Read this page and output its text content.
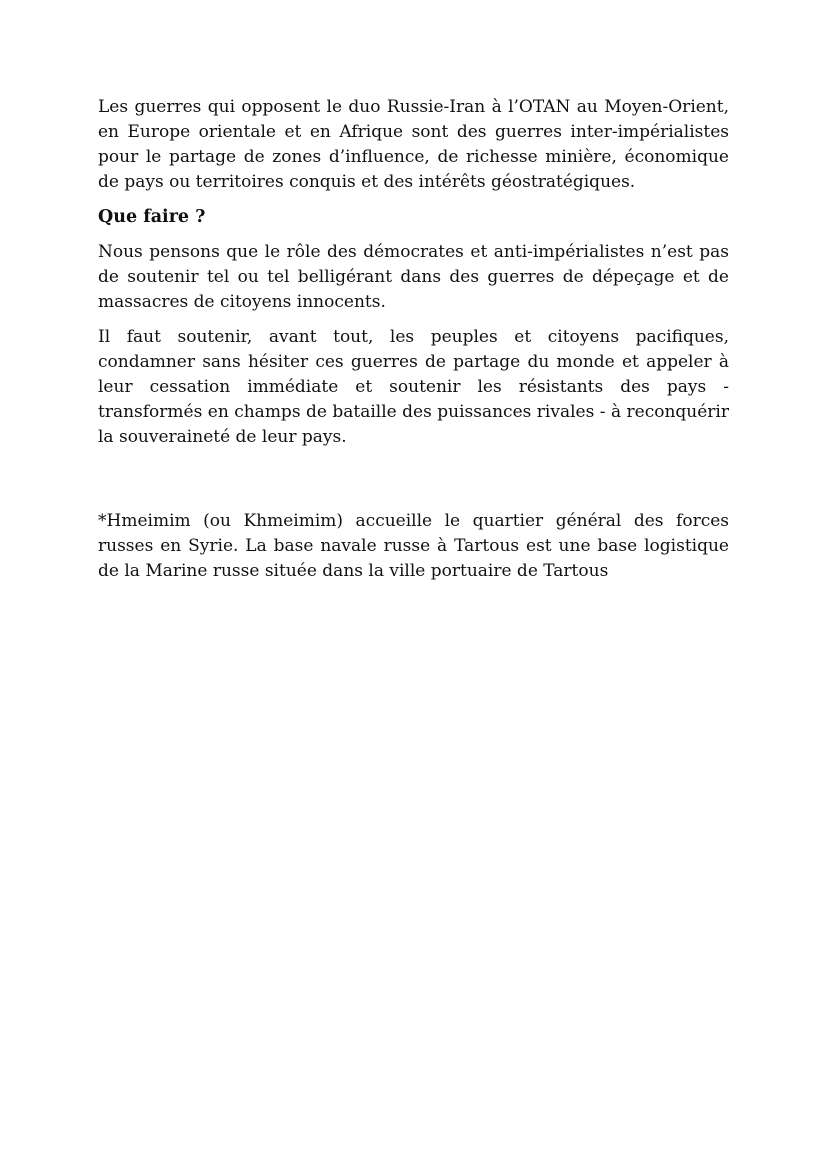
Les guerres qui opposent le duo Russie-Iran à l’OTAN au Moyen-Orient, en Europe orientale et en Afrique sont des guerres inter-impérialistes pour le partage de zones d’influence, de richesse minière, économique de pays ou territoires conquis et des intérêts géostratégiques.

Que faire ?

Nous pensons que le rôle des démocrates et anti-impérialistes n’est pas de soutenir tel ou tel belligérant dans des guerres de dépeçage et de massacres de citoyens innocents.

Il faut soutenir, avant tout, les peuples et citoyens pacifiques, condamner sans hésiter ces guerres de partage du monde et appeler à leur cessation immédiate et soutenir les résistants des pays - transformés en champs de bataille des puissances rivales - à reconquérir la souveraineté de leur pays.

*Hmeimim (ou Khmeimim) accueille le quartier général des forces russes en Syrie. La base navale russe à Tartous est une base logistique de la Marine russe située dans la ville portuaire de Tartous
